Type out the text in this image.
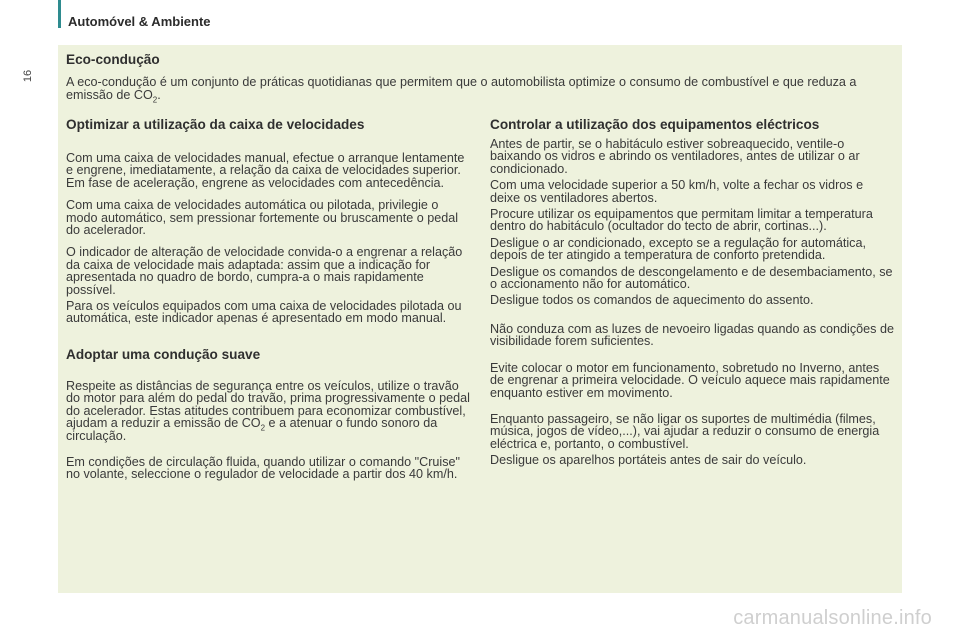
Automóvel & Ambiente
16
Eco-condução

A eco-condução é um conjunto de práticas quotidianas que permitem que o automobilista optimize o consumo de combustível e que reduza a emissão de $CO_2$.

Optimizar a utilização da caixa de velocidades

Com uma caixa de velocidades manual, efectue o arranque lentamente e engrene, imediatamente, a relação da caixa de velocidades superior. Em fase de aceleração, engrene as velocidades com antecedência.

Com uma caixa de velocidades automática ou pilotada, privilegie o modo automático, sem pressionar fortemente ou bruscamente o pedal do acelerador.

O indicador de alteração de velocidade convida-o a engrenar a relação da caixa de velocidade mais adaptada: assim que a indicação for apresentada no quadro de bordo, cumpra-a o mais rapidamente possível.

Para os veículos equipados com uma caixa de velocidades pilotada ou automática, este indicador apenas é apresentado em modo manual.

Adoptar uma condução suave

Respeite as distâncias de segurança entre os veículos, utilize o travão do motor para além do pedal do travão, prima progressivamente o pedal do acelerador. Estas atitudes contribuem para economizar combustível, ajudam a reduzir a emissão de $CO_2$ e a atenuar o fundo sonoro da circulação.

Em condições de circulação fluida, quando utilizar o comando "Cruise" no volante, seleccione o regulador de velocidade a partir dos 40 km/h.

Controlar a utilização dos equipamentos eléctricos

Antes de partir, se o habitáculo estiver sobreaquecido, ventile-o baixando os vidros e abrindo os ventiladores, antes de utilizar o ar condicionado.

Com uma velocidade superior a 50 km/h, volte a fechar os vidros e deixe os ventiladores abertos.

Procure utilizar os equipamentos que permitam limitar a temperatura dentro do habitáculo (ocultador do tecto de abrir, cortinas...).

Desligue o ar condicionado, excepto se a regulação for automática, depois de ter atingido a temperatura de conforto pretendida.

Desligue os comandos de descongelamento e de desembaciamento, se o accionamento não for automático.

Desligue todos os comandos de aquecimento do assento.

Não conduza com as luzes de nevoeiro ligadas quando as condições de visibilidade forem suficientes.

Evite colocar o motor em funcionamento, sobretudo no Inverno, antes de engrenar a primeira velocidade. O veículo aquece mais rapidamente enquanto estiver em movimento.

Enquanto passageiro, se não ligar os suportes de multimédia (filmes, música, jogos de vídeo,...), vai ajudar a reduzir o consumo de energia eléctrica e, portanto, o combustível.

Desligue os aparelhos portáteis antes de sair do veículo.

carmanualsonline.info
